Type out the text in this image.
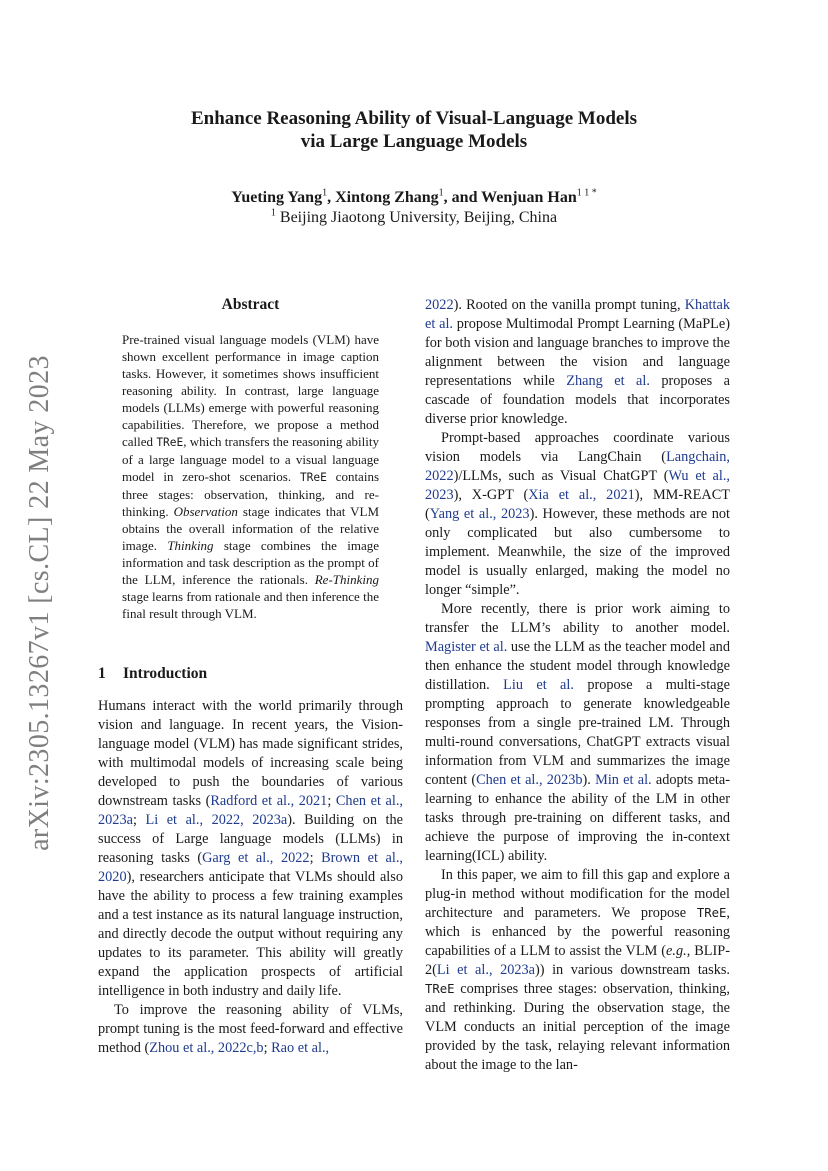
Enhance Reasoning Ability of Visual-Language Models
via Large Language Models
Yueting Yang$^1$, Xintong Zhang$^1$, and Wenjuan Han$^{1 1 *}$
$^1$ Beijing Jiaotong University, Beijing, China
arXiv:2305.13267v1 [cs.CL] 22 May 2023
Abstract

Pre-trained visual language models (VLM) have shown excellent performance in image caption tasks. However, it sometimes shows insufficient reasoning ability. In contrast, large language models (LLMs) emerge with powerful reasoning capabilities. Therefore, we propose a method called TReE, which transfers the reasoning ability of a large language model to a visual language model in zero-shot scenarios. TReE contains three stages: observation, thinking, and re-thinking. Observation stage indicates that VLM obtains the overall information of the relative image. Thinking stage combines the image information and task description as the prompt of the LLM, inference the rationals. Re-Thinking stage learns from rationale and then inference the final result through VLM.

1 Introduction

Humans interact with the world primarily through vision and language. In recent years, the Vision-language model (VLM) has made significant strides, with multimodal models of increasing scale being developed to push the boundaries of various downstream tasks (Radford et al., 2021; Chen et al., 2023a; Li et al., 2022, 2023a). Building on the success of Large language models (LLMs) in reasoning tasks (Garg et al., 2022; Brown et al., 2020), researchers anticipate that VLMs should also have the ability to process a few training examples and a test instance as its natural language instruction, and directly decode the output without requiring any updates to its parameter. This ability will greatly expand the application prospects of artificial intelligence in both industry and daily life.

To improve the reasoning ability of VLMs, prompt tuning is the most feed-forward and effective method (Zhou et al., 2022c,b; Rao et al.,

2022). Rooted on the vanilla prompt tuning, Khattak et al. propose Multimodal Prompt Learning (MaPLe) for both vision and language branches to improve the alignment between the vision and language representations while Zhang et al. proposes a cascade of foundation models that incorporates diverse prior knowledge.

Prompt-based approaches coordinate various vision models via LangChain (Langchain, 2022)/LLMs, such as Visual ChatGPT (Wu et al., 2023), X-GPT (Xia et al., 2021), MM-REACT (Yang et al., 2023). However, these methods are not only complicated but also cumbersome to implement. Meanwhile, the size of the improved model is usually enlarged, making the model no longer “simple”.

More recently, there is prior work aiming to transfer the LLM’s ability to another model. Magister et al. use the LLM as the teacher model and then enhance the student model through knowledge distillation. Liu et al. propose a multi-stage prompting approach to generate knowledgeable responses from a single pre-trained LM. Through multi-round conversations, ChatGPT extracts visual information from VLM and summarizes the image content (Chen et al., 2023b). Min et al. adopts meta-learning to enhance the ability of the LM in other tasks through pre-training on different tasks, and achieve the purpose of improving the in-context learning(ICL) ability.

In this paper, we aim to fill this gap and explore a plug-in method without modification for the model architecture and parameters. We propose TReE, which is enhanced by the powerful reasoning capabilities of a LLM to assist the VLM (e.g., BLIP-2(Li et al., 2023a)) in various downstream tasks. TReE comprises three stages: observation, thinking, and rethinking. During the observation stage, the VLM conducts an initial perception of the image provided by the task, relaying relevant information about the image to the lan-
